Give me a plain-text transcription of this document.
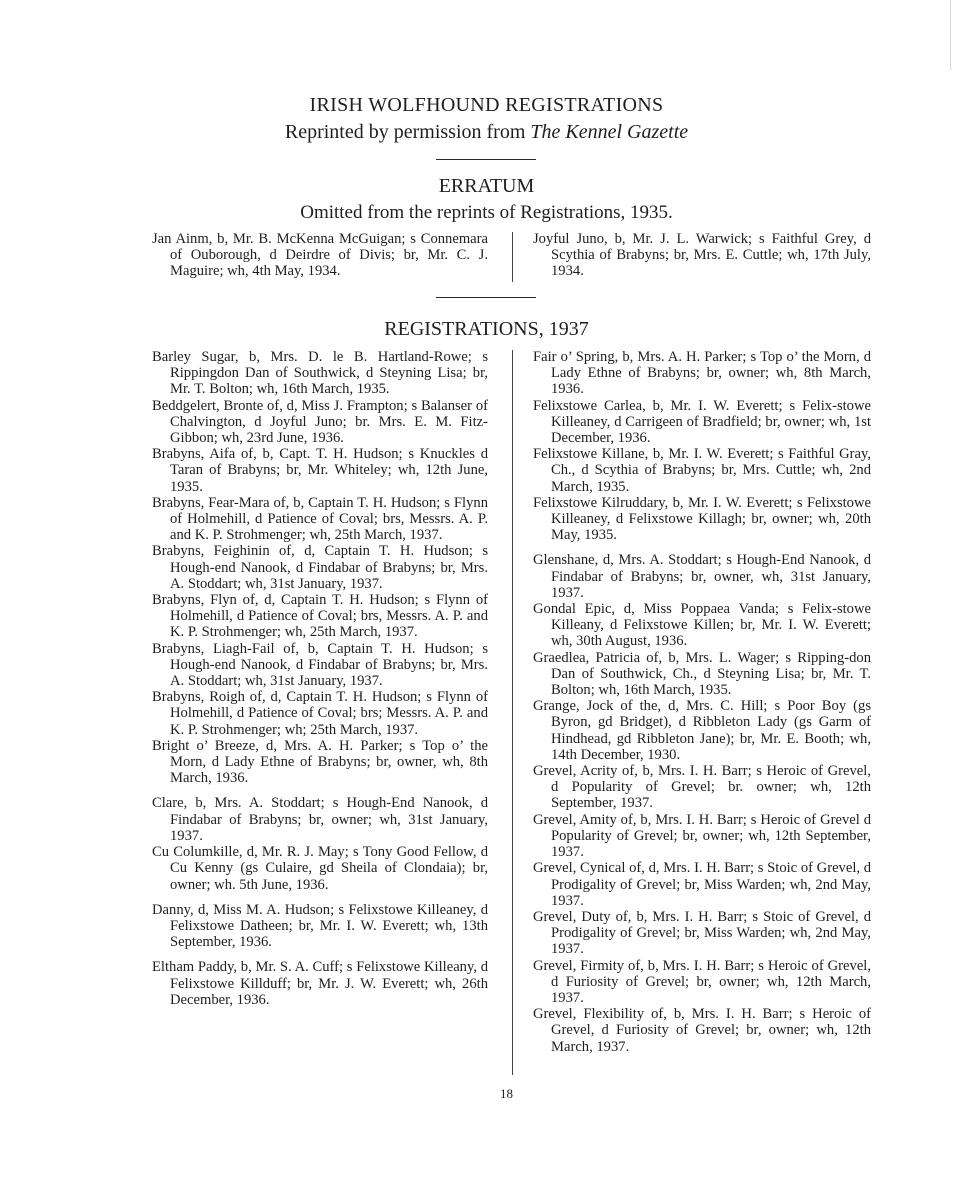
IRISH WOLFHOUND REGISTRATIONS
Reprinted by permission from The Kennel Gazette
ERRATUM
Omitted from the reprints of Registrations, 1935.

Jan Ainm, b, Mr. B. McKenna McGuigan; s Connemara of Ouborough, d Deirdre of Divis; br, Mr. C. J. Maguire; wh, 4th May, 1934.

Joyful Juno, b, Mr. J. L. Warwick; s Faithful Grey, d Scythia of Brabyns; br, Mrs. E. Cuttle; wh, 17th July, 1934.

REGISTRATIONS, 1937

Barley Sugar, b, Mrs. D. le B. Hartland-Rowe; s Rippingdon Dan of Southwick, d Steyning Lisa; br, Mr. T. Bolton; wh, 16th March, 1935.

Beddgelert, Bronte of, d, Miss J. Frampton; s Balanser of Chalvington, d Joyful Juno; br. Mrs. E. M. Fitz-Gibbon; wh, 23rd June, 1936.

Brabyns, Aifa of, b, Capt. T. H. Hudson; s Knuckles d Taran of Brabyns; br, Mr. Whiteley; wh, 12th June, 1935.

Brabyns, Fear-Mara of, b, Captain T. H. Hudson; s Flynn of Holmehill, d Patience of Coval; brs, Messrs. A. P. and K. P. Strohmenger; wh, 25th March, 1937.

Brabyns, Feighinin of, d, Captain T. H. Hudson; s Hough-end Nanook, d Findabar of Brabyns; br, Mrs. A. Stoddart; wh, 31st January, 1937.

Brabyns, Flyn of, d, Captain T. H. Hudson; s Flynn of Holmehill, d Patience of Coval; brs, Messrs. A. P. and K. P. Strohmenger; wh, 25th March, 1937.

Brabyns, Liagh-Fail of, b, Captain T. H. Hudson; s Hough-end Nanook, d Findabar of Brabyns; br, Mrs. A. Stoddart; wh, 31st January, 1937.

Brabyns, Roigh of, d, Captain T. H. Hudson; s Flynn of Holmehill, d Patience of Coval; brs; Messrs. A. P. and K. P. Strohmenger; wh; 25th March, 1937.

Bright o’ Breeze, d, Mrs. A. H. Parker; s Top o’ the Morn, d Lady Ethne of Brabyns; br, owner, wh, 8th March, 1936.

Clare, b, Mrs. A. Stoddart; s Hough-End Nanook, d Findabar of Brabyns; br, owner; wh, 31st January, 1937.

Cu Columkille, d, Mr. R. J. May; s Tony Good Fellow, d Cu Kenny (gs Culaire, gd Sheila of Clondaia); br, owner; wh. 5th June, 1936.

Danny, d, Miss M. A. Hudson; s Felixstowe Killeaney, d Felixstowe Datheen; br, Mr. I. W. Everett; wh, 13th September, 1936.

Eltham Paddy, b, Mr. S. A. Cuff; s Felixstowe Killeany, d Felixstowe Killduff; br, Mr. J. W. Everett; wh, 26th December, 1936.

Fair o’ Spring, b, Mrs. A. H. Parker; s Top o’ the Morn, d Lady Ethne of Brabyns; br, owner; wh, 8th March, 1936.

Felixstowe Carlea, b, Mr. I. W. Everett; s Felix-stowe Killeaney, d Carrigeen of Bradfield; br, owner; wh, 1st December, 1936.

Felixstowe Killane, b, Mr. I. W. Everett; s Faithful Gray, Ch., d Scythia of Brabyns; br, Mrs. Cuttle; wh, 2nd March, 1935.

Felixstowe Kilruddary, b, Mr. I. W. Everett; s Felixstowe Killeaney, d Felixstowe Killagh; br, owner; wh, 20th May, 1935.

Glenshane, d, Mrs. A. Stoddart; s Hough-End Nanook, d Findabar of Brabyns; br, owner, wh, 31st January, 1937.

Gondal Epic, d, Miss Poppaea Vanda; s Felix-stowe Killeany, d Felixstowe Killen; br, Mr. I. W. Everett; wh, 30th August, 1936.

Graedlea, Patricia of, b, Mrs. L. Wager; s Ripping-don Dan of Southwick, Ch., d Steyning Lisa; br, Mr. T. Bolton; wh, 16th March, 1935.

Grange, Jock of the, d, Mrs. C. Hill; s Poor Boy (gs Byron, gd Bridget), d Ribbleton Lady (gs Garm of Hindhead, gd Ribbleton Jane); br, Mr. E. Booth; wh, 14th December, 1930.

Grevel, Acrity of, b, Mrs. I. H. Barr; s Heroic of Grevel, d Popularity of Grevel; br. owner; wh, 12th September, 1937.

Grevel, Amity of, b, Mrs. I. H. Barr; s Heroic of Grevel d Popularity of Grevel; br, owner; wh, 12th September, 1937.

Grevel, Cynical of, d, Mrs. I. H. Barr; s Stoic of Grevel, d Prodigality of Grevel; br, Miss Warden; wh, 2nd May, 1937.

Grevel, Duty of, b, Mrs. I. H. Barr; s Stoic of Grevel, d Prodigality of Grevel; br, Miss Warden; wh, 2nd May, 1937.

Grevel, Firmity of, b, Mrs. I. H. Barr; s Heroic of Grevel, d Furiosity of Grevel; br, owner; wh, 12th March, 1937.

Grevel, Flexibility of, b, Mrs. I. H. Barr; s Heroic of Grevel, d Furiosity of Grevel; br, owner; wh, 12th March, 1937.

18
